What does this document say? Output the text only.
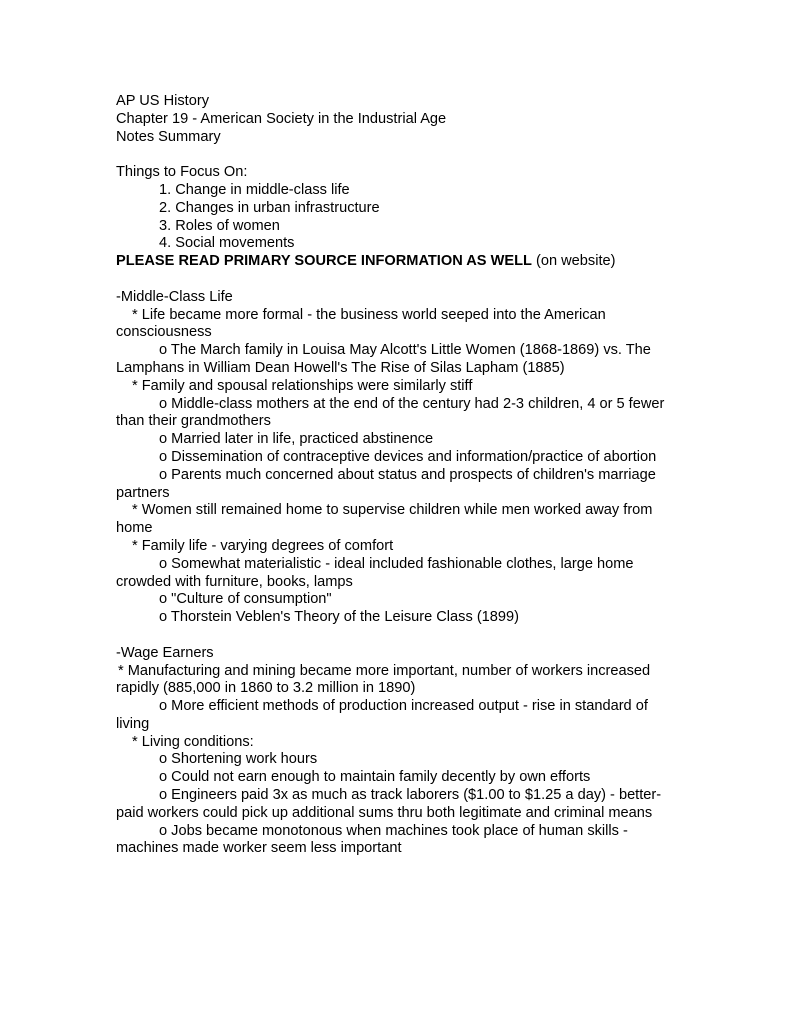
AP US History
Chapter 19 - American Society in the Industrial Age
Notes Summary
Things to Focus On:
1. Change in middle-class life
2. Changes in urban infrastructure
3. Roles of women
4. Social movements
PLEASE READ PRIMARY SOURCE INFORMATION AS WELL (on website)
-Middle-Class Life
* Life became more formal - the business world seeped into the American consciousness
o The March family in Louisa May Alcott's Little Women (1868-1869) vs. The Lamphans in William Dean Howell's The Rise of Silas Lapham (1885)
* Family and spousal relationships were similarly stiff
o Middle-class mothers at the end of the century had 2-3 children, 4 or 5 fewer than their grandmothers
o Married later in life, practiced abstinence
o Dissemination of contraceptive devices and information/practice of abortion
o Parents much concerned about status and prospects of children's marriage partners
* Women still remained home to supervise children while men worked away from home
* Family life - varying degrees of comfort
o Somewhat materialistic - ideal included fashionable clothes, large home crowded with furniture, books, lamps
o "Culture of consumption"
o Thorstein Veblen's Theory of the Leisure Class (1899)
-Wage Earners
* Manufacturing and mining became more important, number of workers increased rapidly (885,000 in 1860 to 3.2 million in 1890)
o More efficient methods of production increased output - rise in standard of living
* Living conditions:
o Shortening work hours
o Could not earn enough to maintain family decently by own efforts
o Engineers paid 3x as much as track laborers ($1.00 to $1.25 a day) - better-paid workers could pick up additional sums thru both legitimate and criminal means
o Jobs became monotonous when machines took place of human skills - machines made worker seem less important
